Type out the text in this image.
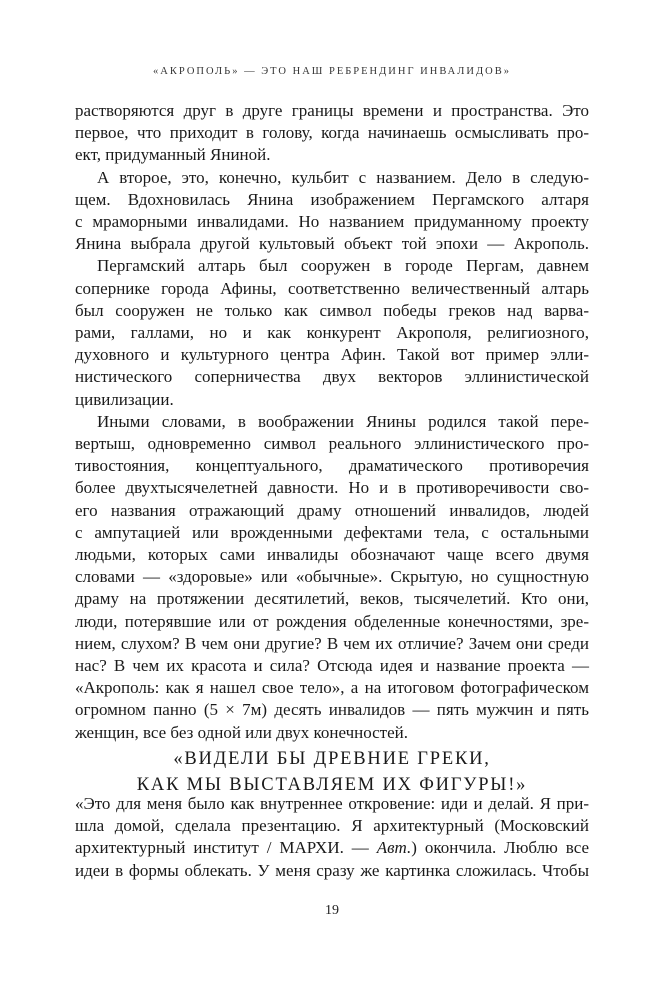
«АКРОПОЛЬ» — ЭТО НАШ РЕБРЕНДИНГ ИНВАЛИДОВ»
растворяются друг в друге границы времени и пространства. Это
первое, что приходит в голову, когда начинаешь осмысливать про-
ект, придуманный Яниной.
А второе, это, конечно, кульбит с названием. Дело в следую-
щем. Вдохновилась Янина изображением Пергамского алтаря
с мраморными инвалидами. Но названием придуманному проекту
Янина выбрала другой культовый объект той эпохи — Акрополь.
Пергамский алтарь был сооружен в городе Пергам, давнем
сопернике города Афины, соответственно величественный алтарь
был сооружен не только как символ победы греков над варва-
рами, галлами, но и как конкурент Акрополя, религиозного,
духовного и культурного центра Афин. Такой вот пример элли-
нистического соперничества двух векторов эллинистической
цивилизации.
Иными словами, в воображении Янины родился такой пере-
вертыш, одновременно символ реального эллинистического про-
тивостояния, концептуального, драматического противоречия
более двухтысячелетней давности. Но и в противоречивости сво-
его названия отражающий драму отношений инвалидов, людей
с ампутацией или врожденными дефектами тела, с остальными
людьми, которых сами инвалиды обозначают чаще всего двумя
словами — «здоровые» или «обычные». Скрытую, но сущностную
драму на протяжении десятилетий, веков, тысячелетий. Кто они,
люди, потерявшие или от рождения обделенные конечностями, зре-
нием, слухом? В чем они другие? В чем их отличие? Зачем они среди
нас? В чем их красота и сила? Отсюда идея и название проекта —
«Акрополь: как я нашел свое тело», а на итоговом фотографическом
огромном панно (5 × 7м) десять инвалидов — пять мужчин и пять
женщин, все без одной или двух конечностей.
«ВИДЕЛИ БЫ ДРЕВНИЕ ГРЕКИ,
КАК МЫ ВЫСТАВЛЯЕМ ИХ ФИГУРЫ!»
«Это для меня было как внутреннее откровение: иди и делай. Я при-
шла домой, сделала презентацию. Я архитектурный (Московский
архитектурный институт / МАРХИ. — Авт.) окончила. Люблю все
идеи в формы облекать. У меня сразу же картинка сложилась. Чтобы
19
